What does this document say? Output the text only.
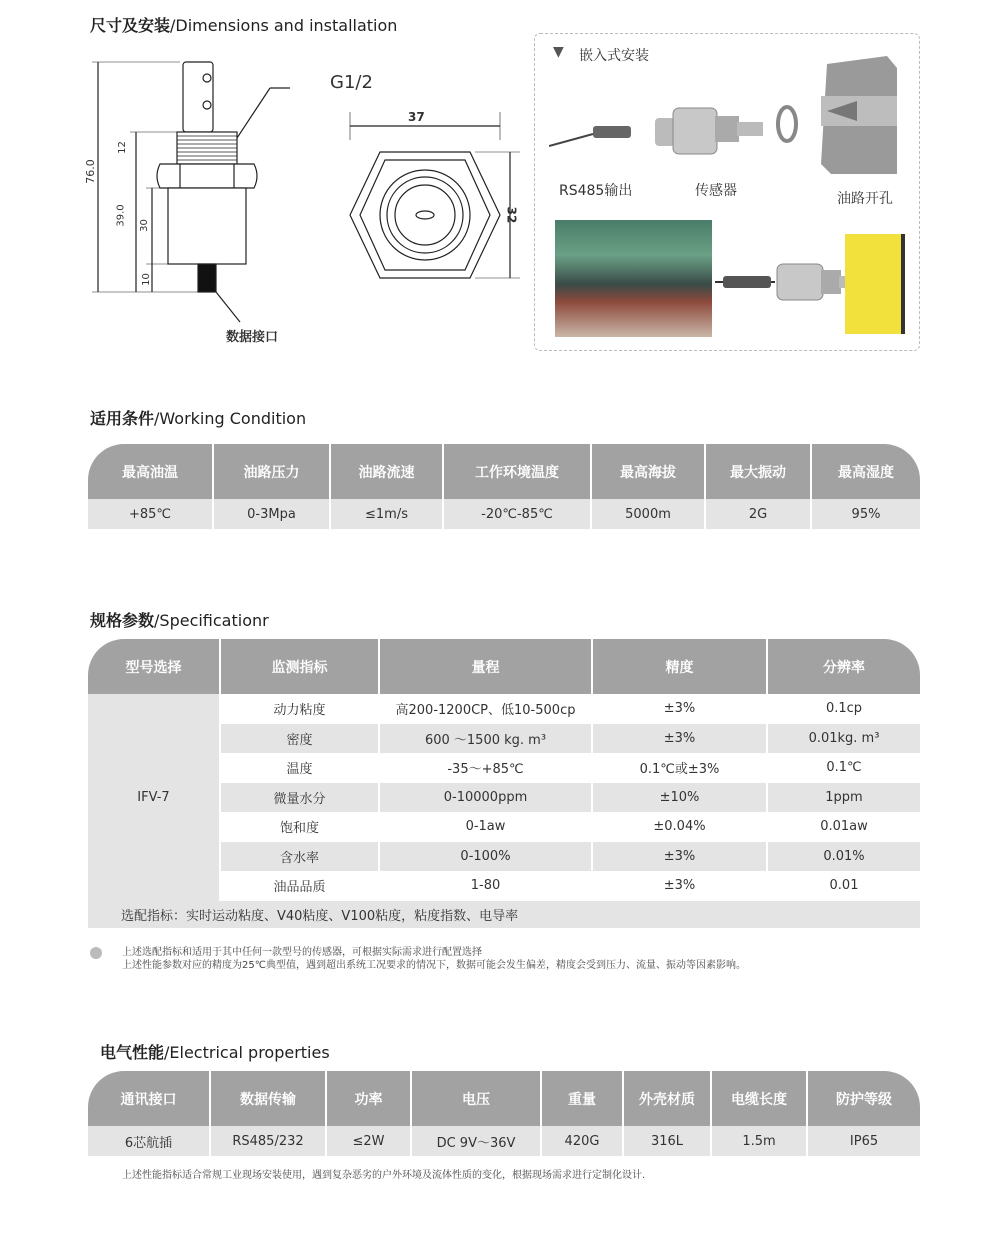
尺寸及安装/Dimensions and installation
G1/2
76.0
12
39.0 30
10
37
32
数据接口
▼ 嵌入式安装
RS485输出	传感器	油路开孔
适用条件/Working Condition
最高油温	油路压力	油路流速	工作环境温度	最高海拔	最大振动	最高湿度
+85℃	0-3Mpa	≤1m/s	-20℃-85℃	5000m	2G	95%
规格参数/Specificationr
型号选择	监测指标	量程	精度	分辨率
IFV-7	动力粘度	高200-1200CP、低10-500cp	±3%	0.1cp
	密度	600 ～1500 kg. m³	±3%	0.01kg. m³
	温度	-35～+85℃	0.1℃或±3%	0.1℃
	微量水分	0-10000ppm	±10%	1ppm
	饱和度	0-1aw	±0.04%	0.01aw
	含水率	0-100%	±3%	0.01%
	油品品质	1-80	±3%	0.01
选配指标：实时运动粘度、V40粘度、V100粘度，粘度指数、电导率				
上述选配指标和适用于其中任何一款型号的传感器，可根据实际需求进行配置选择
上述性能参数对应的精度为25℃典型值，遇到超出系统工况要求的情况下，数据可能会发生偏差，精度会受到压力、流量、振动等因素影响。
电气性能/Electrical properties
通讯接口	数据传输	功率	电压	重量	外壳材质	电缆长度	防护等级
6芯航插	RS485/232	≤2W	DC 9V～36V	420G	316L	1.5m	IP65
上述性能指标适合常规工业现场安装使用，遇到复杂恶劣的户外环境及流体性质的变化，根据现场需求进行定制化设计.
